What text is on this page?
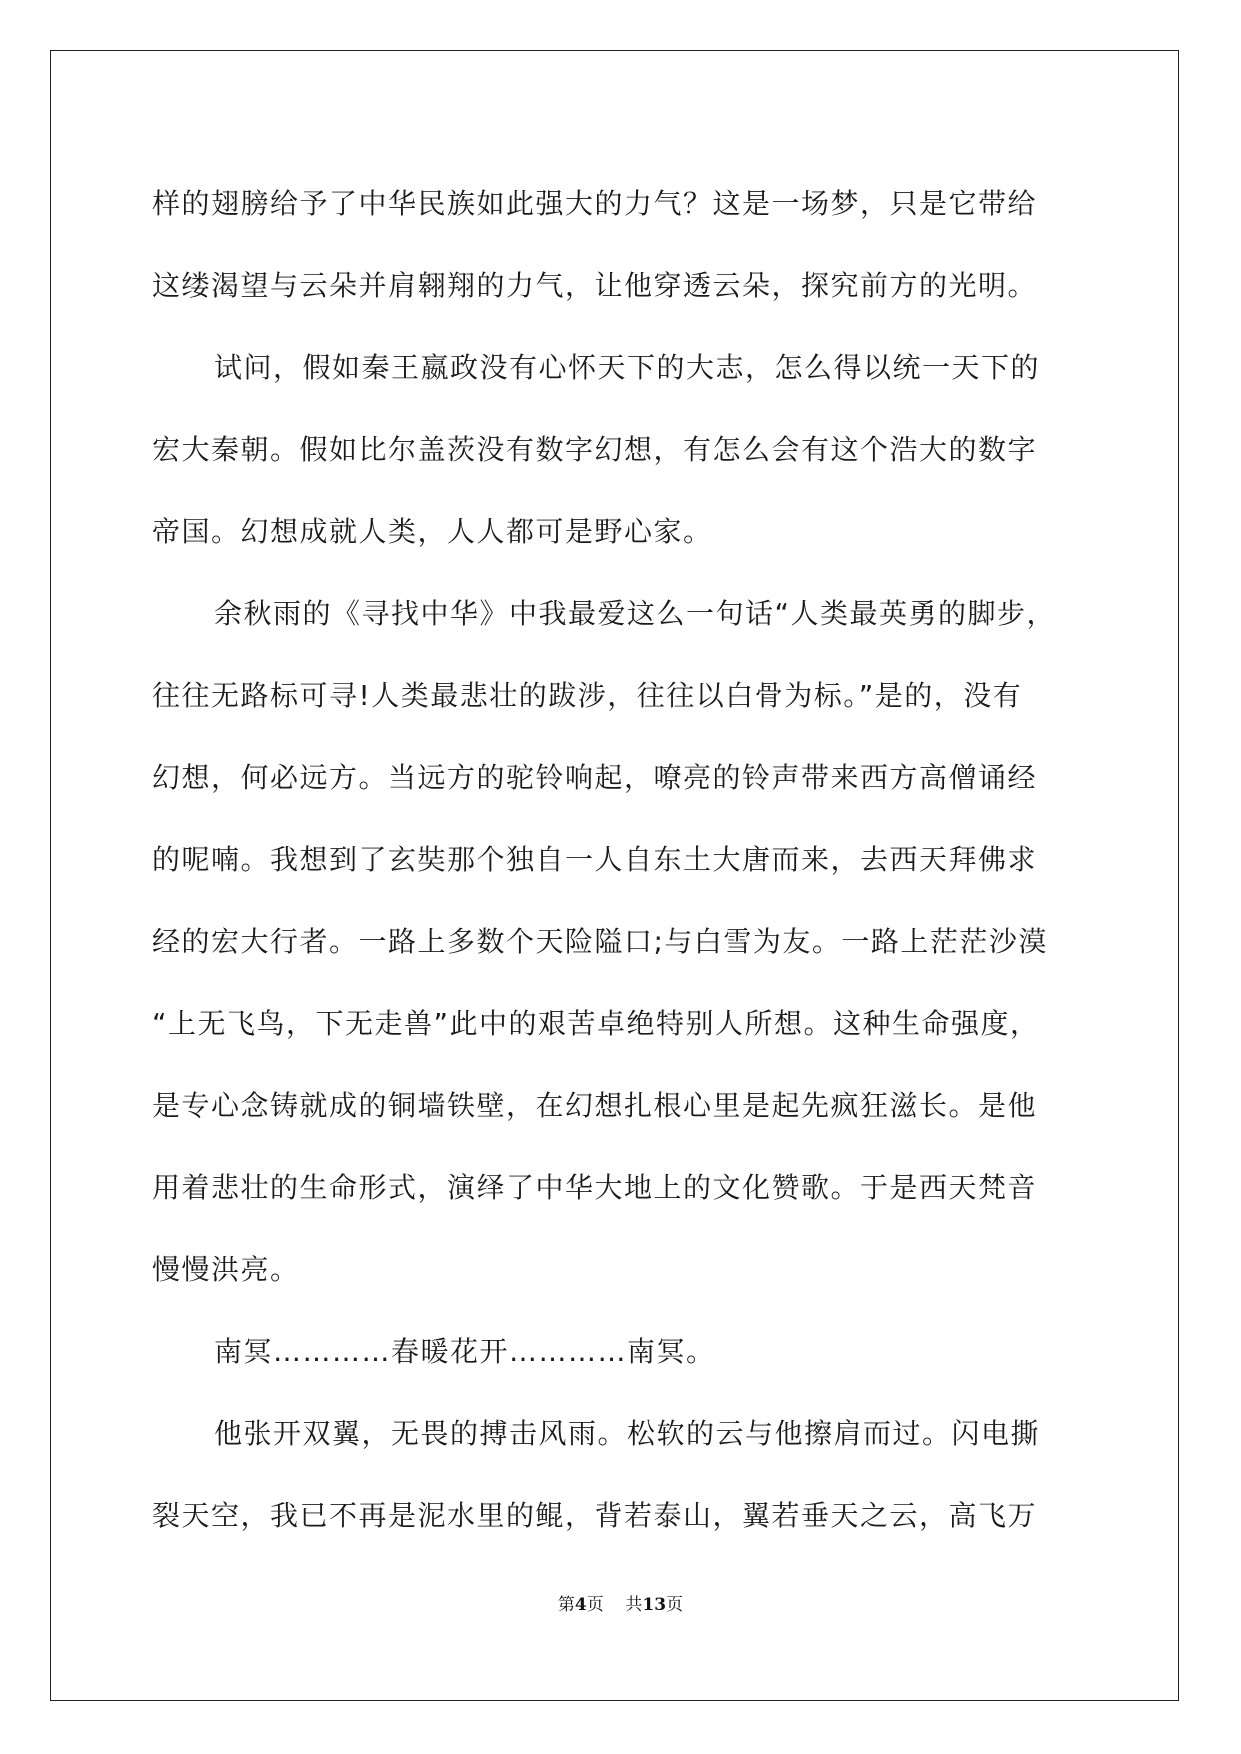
样的翅膀给予了中华民族如此强大的力气？这是一场梦，只是它带给
这缕渴望与云朵并肩翱翔的力气，让他穿透云朵，探究前方的光明。

试问，假如秦王嬴政没有心怀天下的大志，怎么得以统一天下的

宏大秦朝。假如比尔盖茨没有数字幻想，有怎么会有这个浩大的数字
帝国。幻想成就人类，人人都可是野心家。

余秋雨的《寻找中华》中我最爱这么一句话“人类最英勇的脚步，

往往无路标可寻!人类最悲壮的跋涉，往往以白骨为标。”是的，没有
幻想，何必远方。当远方的驼铃响起，嘹亮的铃声带来西方高僧诵经
的呢喃。我想到了玄奘那个独自一人自东土大唐而来，去西天拜佛求
经的宏大行者。一路上多数个天险隘口;与白雪为友。一路上茫茫沙漠
“上无飞鸟，下无走兽”此中的艰苦卓绝特别人所想。这种生命强度，
是专心念铸就成的铜墙铁壁，在幻想扎根心里是起先疯狂滋长。是他
用着悲壮的生命形式，演绎了中华大地上的文化赞歌。于是西天梵音
慢慢洪亮。

南冥…………春暖花开…………南冥。

他张开双翼，无畏的搏击风雨。松软的云与他擦肩而过。闪电撕

裂天空，我已不再是泥水里的鲲，背若泰山，翼若垂天之云，高飞万

第4页 共13页
